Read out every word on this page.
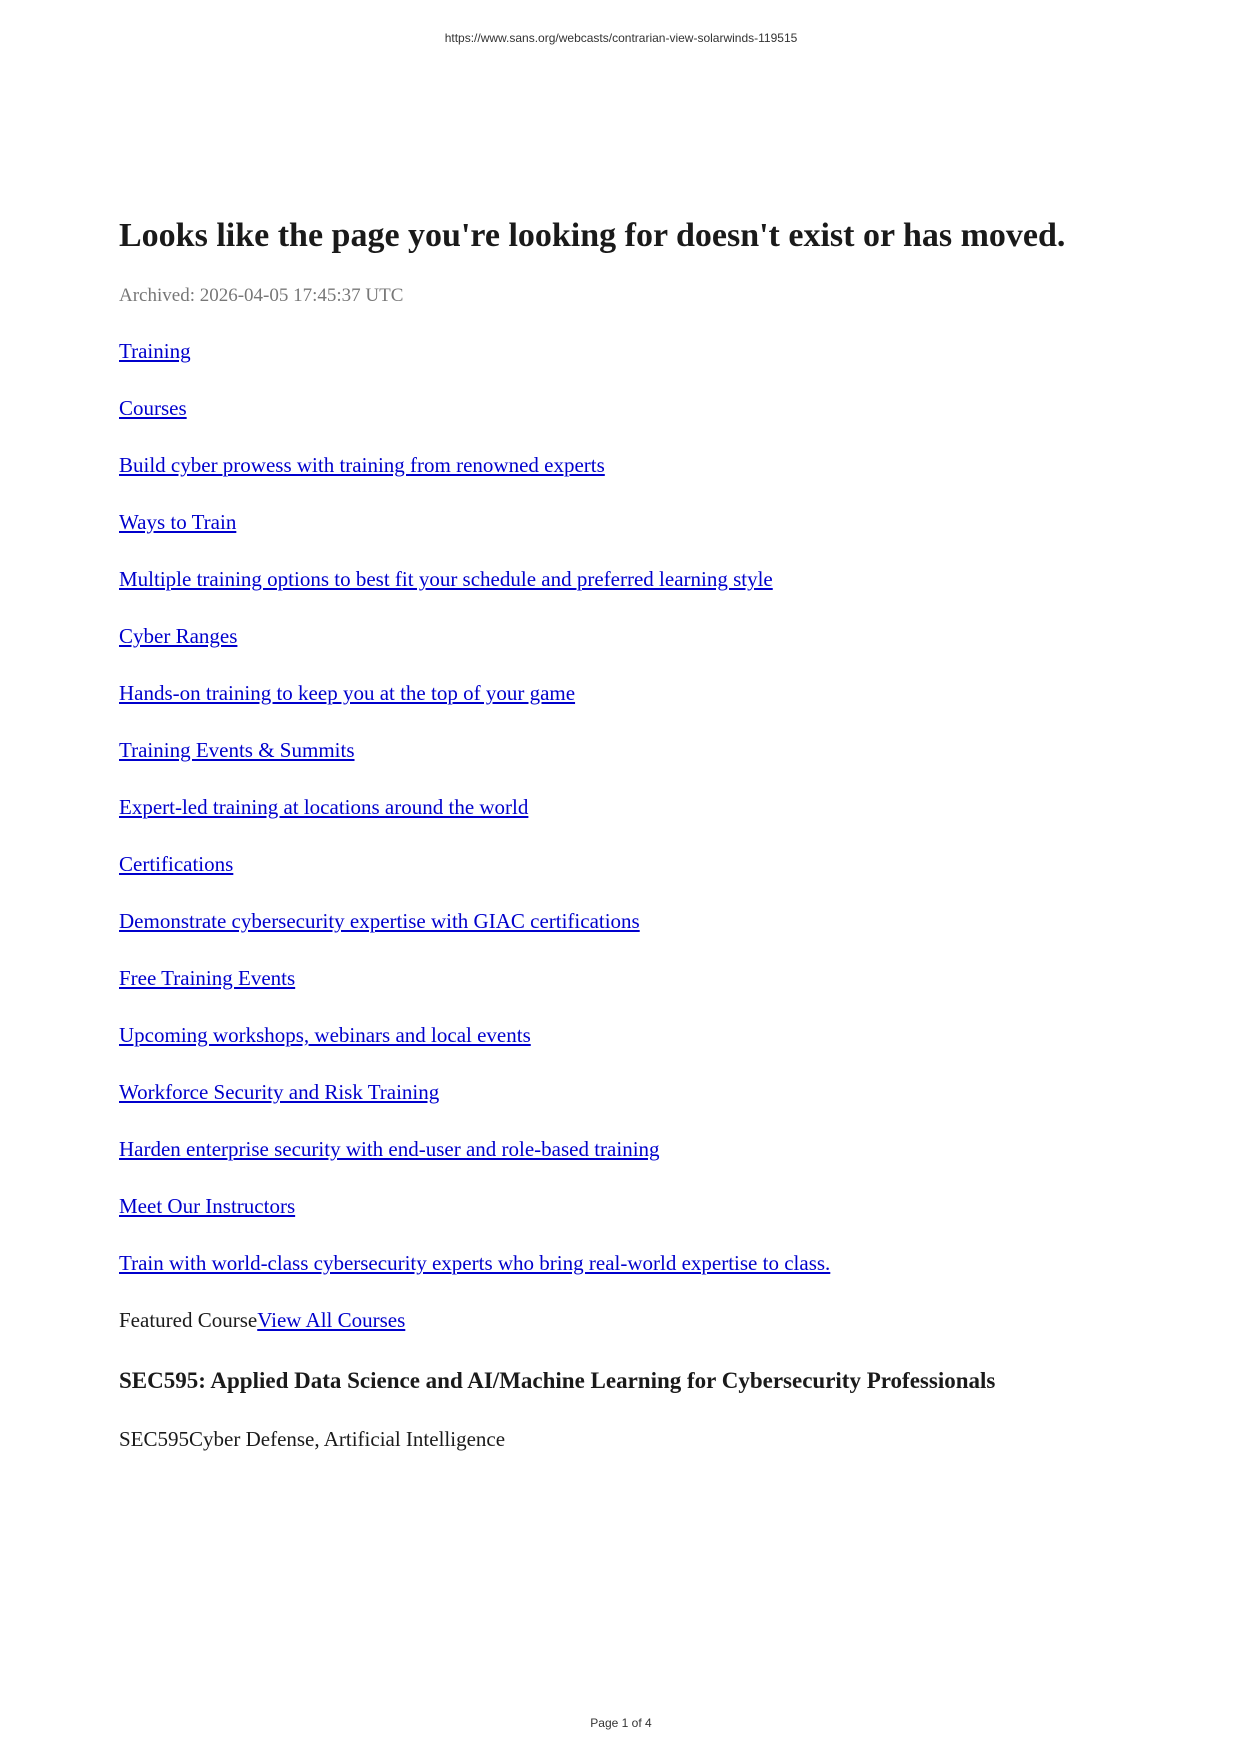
https://www.sans.org/webcasts/contrarian-view-solarwinds-119515
Looks like the page you're looking for doesn't exist or has moved.

Archived: 2026-04-05 17:45:37 UTC

Training
Courses
Build cyber prowess with training from renowned experts
Ways to Train
Multiple training options to best fit your schedule and preferred learning style
Cyber Ranges
Hands-on training to keep you at the top of your game
Training Events & Summits
Expert-led training at locations around the world
Certifications
Demonstrate cybersecurity expertise with GIAC certifications
Free Training Events
Upcoming workshops, webinars and local events
Workforce Security and Risk Training
Harden enterprise security with end-user and role-based training
Meet Our Instructors
Train with world-class cybersecurity experts who bring real-world expertise to class.

Featured CourseView All Courses

SEC595: Applied Data Science and AI/Machine Learning for Cybersecurity Professionals

SEC595Cyber Defense, Artificial Intelligence

Page 1 of 4
